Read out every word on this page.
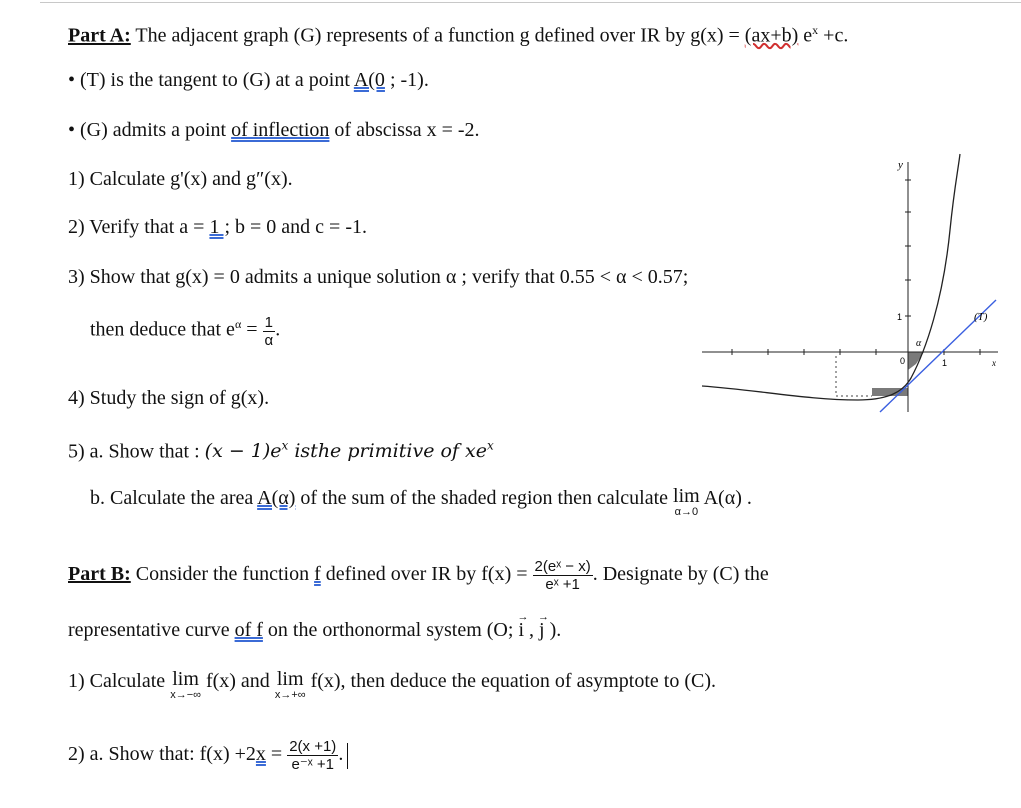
Part A: The adjacent graph (G) represents of a function g defined over IR by g(x) = (ax+b) $e^x +c$.
• (T) is the tangent to (G) at a point A(0 ; -1).
• (G) admits a point of inflection of abscissa x = -2.
1) Calculate g'(x) and g″(x).
2) Verify that a = 1 ; b = 0 and c = -1.
3) Show that g(x) = 0 admits a unique solution α ; verify that 0.55 < α < 0.57;
then deduce that $e^\alpha = \frac{1}{\alpha}$ .
4) Study the sign of g(x).
5) a. Show that : $(x - 1)e^x$ isthe primitive of $xe^x$
b. Calculate the area A(α) of the sum of the shaded region then calculate lim
α→0
A(α) .
Part B: Consider the function f defined over IR by $f(x) = \frac{\text{2(eˣ − x)}}{\text{eˣ +1}}$ . Designate by (C) the
representative curve of f on the orthonormal system (O; → i , → j ).
1) Calculate lim
x→−∞
f(x) and lim
x→+∞
f(x), then deduce the equation of asymptote to (C).
2) a. Show that: $f(x) +2x = \frac{2(x +1)}{\text{e⁻ˣ +1}}$ .
y
1
0
α
1	x
(T)
